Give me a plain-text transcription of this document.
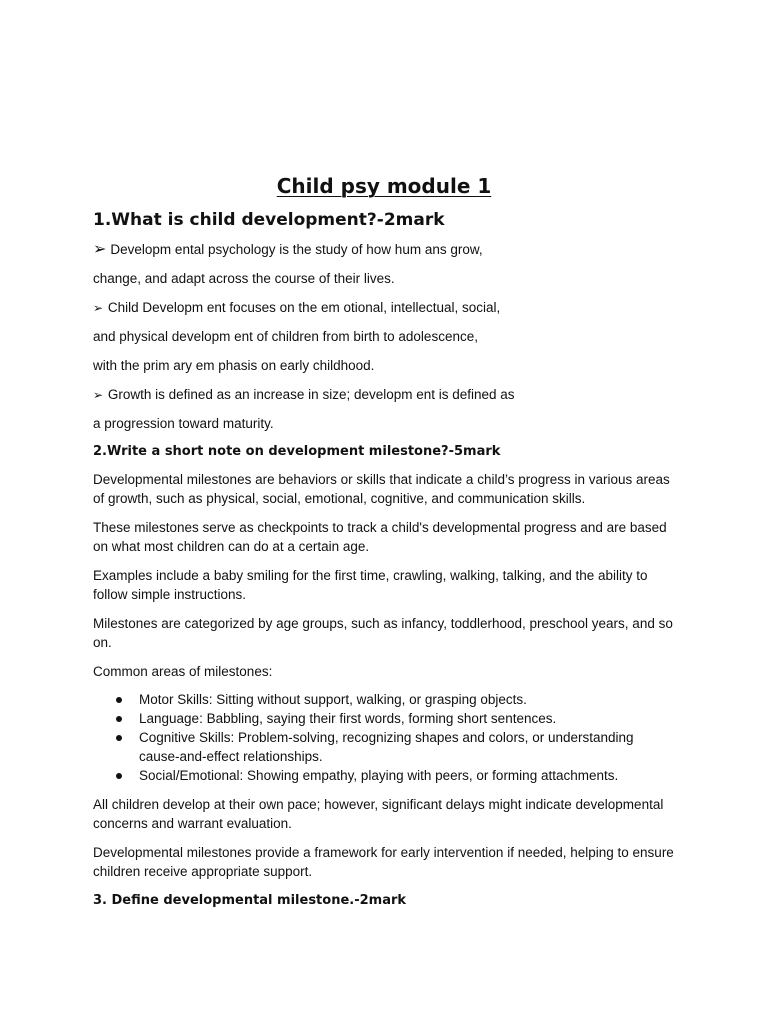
Child psy module 1
1.What is child development?-2mark
➢ Developm ental psychology is the study of how hum ans grow,
change, and adapt across the course of their lives.
➢ Child Developm ent focuses on the em otional, intellectual, social,
and physical developm ent of children from birth to adolescence,
with the prim ary em phasis on early childhood.
➢ Growth is defined as an increase in size; developm ent is defined as
a progression toward maturity.
2.Write a short note on development milestone?-5mark

Developmental milestones are behaviors or skills that indicate a child’s progress in various areas of growth, such as physical, social, emotional, cognitive, and communication skills.

These milestones serve as checkpoints to track a child's developmental progress and are based on what most children can do at a certain age.

Examples include a baby smiling for the first time, crawling, walking, talking, and the ability to follow simple instructions.

Milestones are categorized by age groups, such as infancy, toddlerhood, preschool years, and so on.

Common areas of milestones:

Motor Skills: Sitting without support, walking, or grasping objects.
Language: Babbling, saying their first words, forming short sentences.
Cognitive Skills: Problem-solving, recognizing shapes and colors, or understanding cause-and-effect relationships.
Social/Emotional: Showing empathy, playing with peers, or forming attachments.

All children develop at their own pace; however, significant delays might indicate developmental concerns and warrant evaluation.

Developmental milestones provide a framework for early intervention if needed, helping to ensure children receive appropriate support.

3. Define developmental milestone.-2mark
